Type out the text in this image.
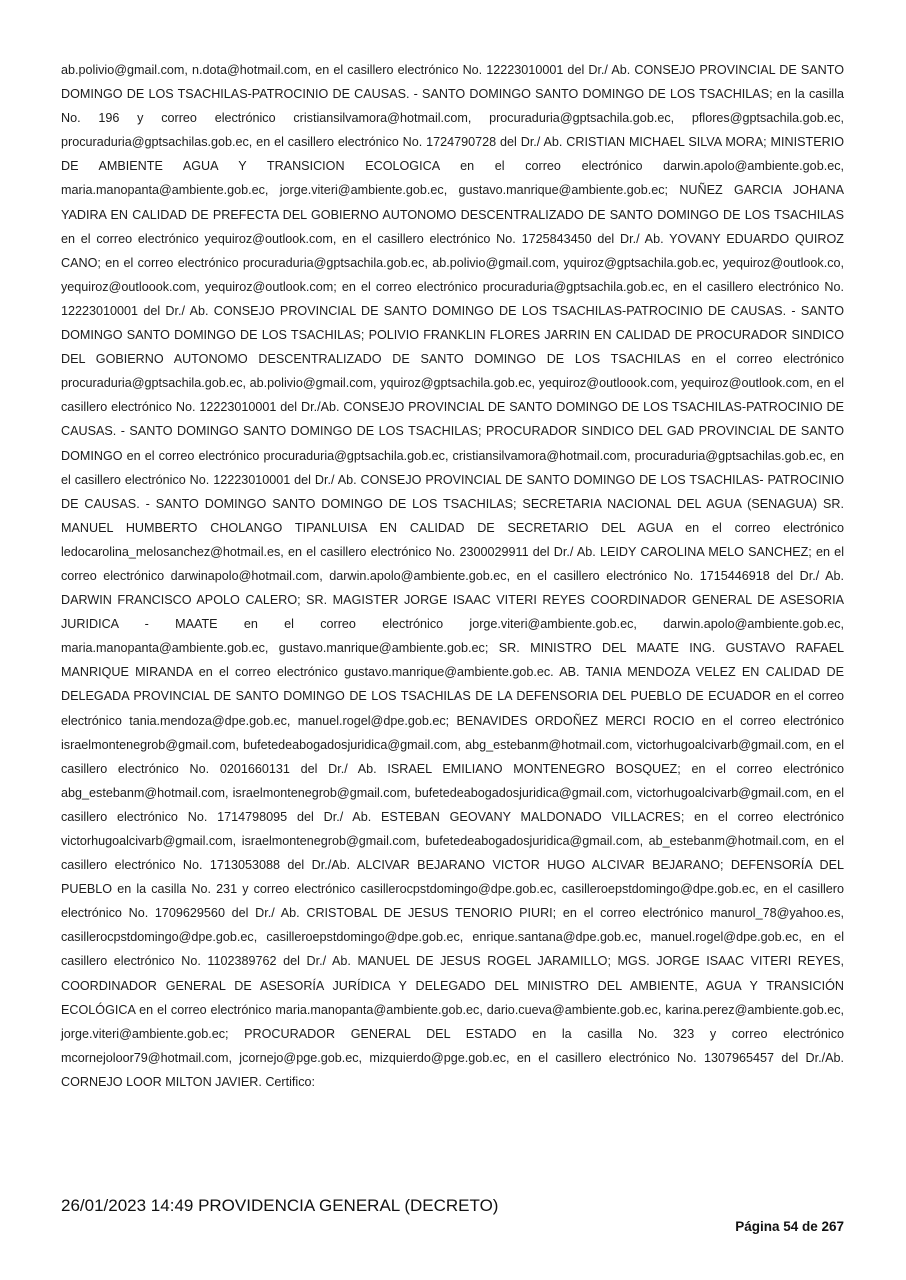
ab.polivio@gmail.com, n.dota@hotmail.com, en el casillero electrónico No. 12223010001 del Dr./ Ab. CONSEJO PROVINCIAL DE SANTO DOMINGO DE LOS TSACHILAS-PATROCINIO DE CAUSAS. - SANTO DOMINGO SANTO DOMINGO DE LOS TSACHILAS; en la casilla No. 196 y correo electrónico cristiansilvamora@hotmail.com, procuraduria@gptsachila.gob.ec, pflores@gptsachila.gob.ec, procuraduria@gptsachilas.gob.ec, en el casillero electrónico No. 1724790728 del Dr./ Ab. CRISTIAN MICHAEL SILVA MORA; MINISTERIO DE AMBIENTE AGUA Y TRANSICION ECOLOGICA en el correo electrónico darwin.apolo@ambiente.gob.ec, maria.manopanta@ambiente.gob.ec, jorge.viteri@ambiente.gob.ec, gustavo.manrique@ambiente.gob.ec; NUÑEZ GARCIA JOHANA YADIRA EN CALIDAD DE PREFECTA DEL GOBIERNO AUTONOMO DESCENTRALIZADO DE SANTO DOMINGO DE LOS TSACHILAS en el correo electrónico yequiroz@outlook.com, en el casillero electrónico No. 1725843450 del Dr./ Ab. YOVANY EDUARDO QUIROZ CANO; en el correo electrónico procuraduria@gptsachila.gob.ec, ab.polivio@gmail.com, yquiroz@gptsachila.gob.ec, yequiroz@outlook.co, yequiroz@outloook.com, yequiroz@outlook.com; en el correo electrónico procuraduria@gptsachila.gob.ec, en el casillero electrónico No. 12223010001 del Dr./ Ab. CONSEJO PROVINCIAL DE SANTO DOMINGO DE LOS TSACHILAS-PATROCINIO DE CAUSAS. - SANTO DOMINGO SANTO DOMINGO DE LOS TSACHILAS; POLIVIO FRANKLIN FLORES JARRIN EN CALIDAD DE PROCURADOR SINDICO DEL GOBIERNO AUTONOMO DESCENTRALIZADO DE SANTO DOMINGO DE LOS TSACHILAS en el correo electrónico procuraduria@gptsachila.gob.ec, ab.polivio@gmail.com, yquiroz@gptsachila.gob.ec, yequiroz@outloook.com, yequiroz@outlook.com, en el casillero electrónico No. 12223010001 del Dr./Ab. CONSEJO PROVINCIAL DE SANTO DOMINGO DE LOS TSACHILAS-PATROCINIO DE CAUSAS. - SANTO DOMINGO SANTO DOMINGO DE LOS TSACHILAS; PROCURADOR SINDICO DEL GAD PROVINCIAL DE SANTO DOMINGO en el correo electrónico procuraduria@gptsachila.gob.ec, cristiansilvamora@hotmail.com, procuraduria@gptsachilas.gob.ec, en el casillero electrónico No. 12223010001 del Dr./ Ab. CONSEJO PROVINCIAL DE SANTO DOMINGO DE LOS TSACHILAS- PATROCINIO DE CAUSAS. - SANTO DOMINGO SANTO DOMINGO DE LOS TSACHILAS; SECRETARIA NACIONAL DEL AGUA (SENAGUA) SR. MANUEL HUMBERTO CHOLANGO TIPANLUISA EN CALIDAD DE SECRETARIO DEL AGUA en el correo electrónico ledocarolina_melosanchez@hotmail.es, en el casillero electrónico No. 2300029911 del Dr./ Ab. LEIDY CAROLINA MELO SANCHEZ; en el correo electrónico darwinapolo@hotmail.com, darwin.apolo@ambiente.gob.ec, en el casillero electrónico No. 1715446918 del Dr./ Ab. DARWIN FRANCISCO APOLO CALERO; SR. MAGISTER JORGE ISAAC VITERI REYES COORDINADOR GENERAL DE ASESORIA JURIDICA - MAATE en el correo electrónico jorge.viteri@ambiente.gob.ec, darwin.apolo@ambiente.gob.ec, maria.manopanta@ambiente.gob.ec, gustavo.manrique@ambiente.gob.ec; SR. MINISTRO DEL MAATE ING. GUSTAVO RAFAEL MANRIQUE MIRANDA en el correo electrónico gustavo.manrique@ambiente.gob.ec. AB. TANIA MENDOZA VELEZ EN CALIDAD DE DELEGADA PROVINCIAL DE SANTO DOMINGO DE LOS TSACHILAS DE LA DEFENSORIA DEL PUEBLO DE ECUADOR en el correo electrónico tania.mendoza@dpe.gob.ec, manuel.rogel@dpe.gob.ec; BENAVIDES ORDOÑEZ MERCI ROCIO en el correo electrónico israelmontenegrob@gmail.com, bufetedeabogadosjuridica@gmail.com, abg_estebanm@hotmail.com, victorhugoalcivarb@gmail.com, en el casillero electrónico No. 0201660131 del Dr./ Ab. ISRAEL EMILIANO MONTENEGRO BOSQUEZ; en el correo electrónico abg_estebanm@hotmail.com, israelmontenegrob@gmail.com, bufetedeabogadosjuridica@gmail.com, victorhugoalcivarb@gmail.com, en el casillero electrónico No. 1714798095 del Dr./ Ab. ESTEBAN GEOVANY MALDONADO VILLACRES; en el correo electrónico victorhugoalcivarb@gmail.com, israelmontenegrob@gmail.com, bufetedeabogadosjuridica@gmail.com, ab_estebanm@hotmail.com, en el casillero electrónico No. 1713053088 del Dr./Ab. ALCIVAR BEJARANO VICTOR HUGO ALCIVAR BEJARANO; DEFENSORÍA DEL PUEBLO en la casilla No. 231 y correo electrónico casillerocpstdomingo@dpe.gob.ec, casilleroepstdomingo@dpe.gob.ec, en el casillero electrónico No. 1709629560 del Dr./ Ab. CRISTOBAL DE JESUS TENORIO PIURI; en el correo electrónico manurol_78@yahoo.es, casillerocpstdomingo@dpe.gob.ec, casilleroepstdomingo@dpe.gob.ec, enrique.santana@dpe.gob.ec, manuel.rogel@dpe.gob.ec, en el casillero electrónico No. 1102389762 del Dr./ Ab. MANUEL DE JESUS ROGEL JARAMILLO; MGS. JORGE ISAAC VITERI REYES, COORDINADOR GENERAL DE ASESORÍA JURÍDICA Y DELEGADO DEL MINISTRO DEL AMBIENTE, AGUA Y TRANSICIÓN ECOLÓGICA en el correo electrónico maria.manopanta@ambiente.gob.ec, dario.cueva@ambiente.gob.ec, karina.perez@ambiente.gob.ec, jorge.viteri@ambiente.gob.ec; PROCURADOR GENERAL DEL ESTADO en la casilla No. 323 y correo electrónico mcornejoloor79@hotmail.com, jcornejo@pge.gob.ec, mizquierdo@pge.gob.ec, en el casillero electrónico No. 1307965457 del Dr./Ab. CORNEJO LOOR MILTON JAVIER. Certifico:

26/01/2023 14:49 PROVIDENCIA GENERAL (DECRETO)

Página 54 de 267
